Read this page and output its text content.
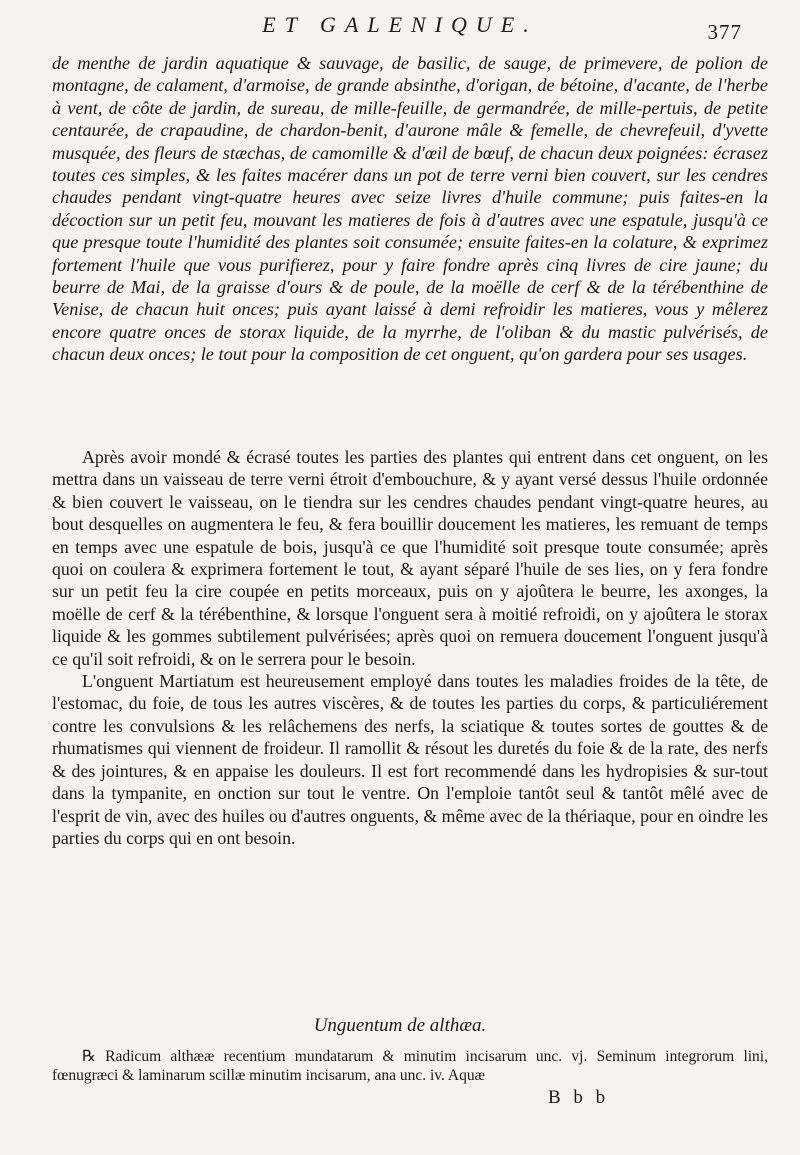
ET GALENIQUE.	377

de menthe de jardin aquatique & sauvage, de basilic, de sauge, de primevere, de polion de montagne, de calament, d'armoise, de grande absinthe, d'origan, de bétoine, d'acante, de l'herbe à vent, de côte de jardin, de sureau, de mille-feuille, de germandrée, de mille-pertuis, de petite centaurée, de crapaudine, de chardon-benit, d'aurone mâle & femelle, de chevrefeuil, d'yvette musquée, des fleurs de stæchas, de camomille & d'œil de bœuf, de chacun deux poignées: écrasez toutes ces simples, & les faites macérer dans un pot de terre verni bien couvert, sur les cendres chaudes pendant vingt-quatre heures avec seize livres d'huile commune; puis faites-en la décoction sur un petit feu, mouvant les matieres de fois à d'autres avec une espatule, jusqu'à ce que presque toute l'humidité des plantes soit consumée; ensuite faites-en la colature, & exprimez fortement l'huile que vous purifierez, pour y faire fondre après cinq livres de cire jaune; du beurre de Mai, de la graisse d'ours & de poule, de la moëlle de cerf & de la térébenthine de Venise, de chacun huit onces; puis ayant laissé à demi refroidir les matieres, vous y mêlerez encore quatre onces de storax liquide, de la myrrhe, de l'oliban & du mastic pulvérisés, de chacun deux onces; le tout pour la composition de cet onguent, qu'on gardera pour ses usages.

Après avoir mondé & écrasé toutes les parties des plantes qui entrent dans cet onguent, on les mettra dans un vaisseau de terre verni étroit d'embouchure, & y ayant versé dessus l'huile ordonnée & bien couvert le vaisseau, on le tiendra sur les cendres chaudes pendant vingt-quatre heures, au bout desquelles on augmentera le feu, & fera bouillir doucement les matieres, les remuant de temps en temps avec une espatule de bois, jusqu'à ce que l'humidité soit presque toute consumée; après quoi on coulera & exprimera fortement le tout, & ayant séparé l'huile de ses lies, on y fera fondre sur un petit feu la cire coupée en petits morceaux, puis on y ajoûtera le beurre, les axonges, la moëlle de cerf & la térébenthine, & lorsque l'onguent sera à moitié refroidi, on y ajoûtera le storax liquide & les gommes subtilement pulvérisées; après quoi on remuera doucement l'onguent jusqu'à ce qu'il soit refroidi, & on le serrera pour le besoin.

L'onguent Martiatum est heureusement employé dans toutes les maladies froides de la tête, de l'estomac, du foie, de tous les autres viscères, & de toutes les parties du corps, & particuliérement contre les convulsions & les relâchemens des nerfs, la sciatique & toutes sortes de gouttes & de rhumatismes qui viennent de froideur. Il ramollit & résout les duretés du foie & de la rate, des nerfs & des jointures, & en appaise les douleurs. Il est fort recommendé dans les hydropisies & sur-tout dans la tympanite, en onction sur tout le ventre. On l'emploie tantôt seul & tantôt mêlé avec de l'esprit de vin, avec des huiles ou d'autres onguents, & même avec de la thériaque, pour en oindre les parties du corps qui en ont besoin.

Unguentum de althæa.

℞ Radicum althææ recentium mundatarum & minutim incisarum unc. vj. Seminum integrorum lini, fœnugræci & laminarum scillæ minutim incisarum, ana unc. iv. Aquæ

B b b
